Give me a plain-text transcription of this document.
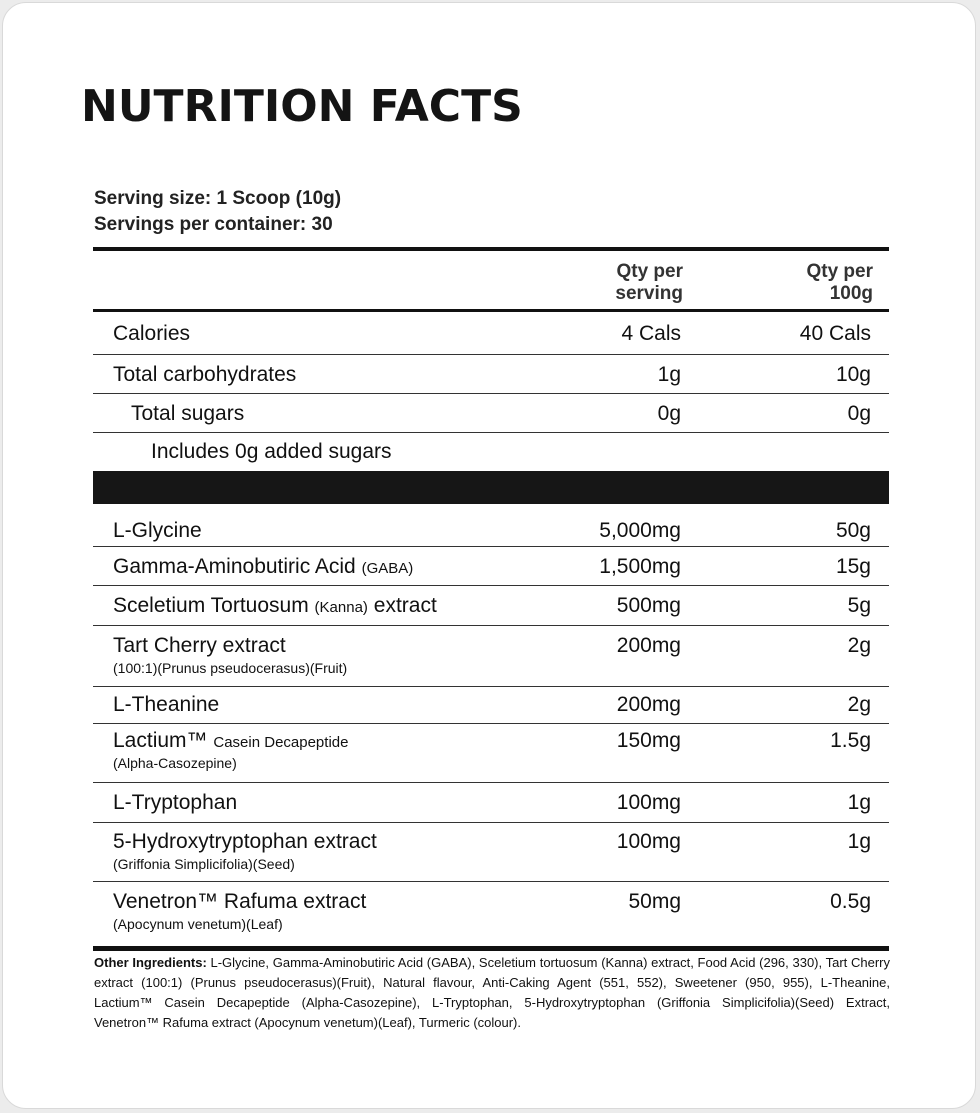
NUTRITION FACTS
Serving size: 1 Scoop (10g)
Servings per container: 30
Qty per
serving
Qty per
100g
Calories	4 Cals	40 Cals
Total carbohydrates	1g	10g
Total sugars	0g	0g
Includes 0g added sugars
L-Glycine	5,000mg	50g
Gamma-Aminobutiric Acid (GABA)	1,500mg	15g
Sceletium Tortuosum (Kanna) extract	500mg	5g
Tart Cherry extract
(100:1)(Prunus pseudocerasus)(Fruit)
200mg	2g
L-Theanine	200mg	2g
Lactium™ Casein Decapeptide
(Alpha-Casozepine)
150mg	1.5g
L-Tryptophan	100mg	1g
5-Hydroxytryptophan extract
(Griffonia Simplicifolia)(Seed)
100mg	1g
Venetron™ Rafuma extract
(Apocynum venetum)(Leaf)
50mg	0.5g
Other Ingredients: L-Glycine, Gamma-Aminobutiric Acid (GABA), Sceletium tortuosum (Kanna) extract, Food Acid (296, 330), Tart Cherry extract (100:1) (Prunus pseudocerasus)(Fruit), Natural flavour, Anti-Caking Agent (551, 552), Sweetener (950, 955), L-Theanine, Lactium™ Casein Decapeptide (Alpha-Casozepine), L-Tryptophan, 5-Hydroxytryptophan (Griffonia Simplicifolia)(Seed) Extract, Venetron™ Rafuma extract (Apocynum venetum)(Leaf), Turmeric (colour).
